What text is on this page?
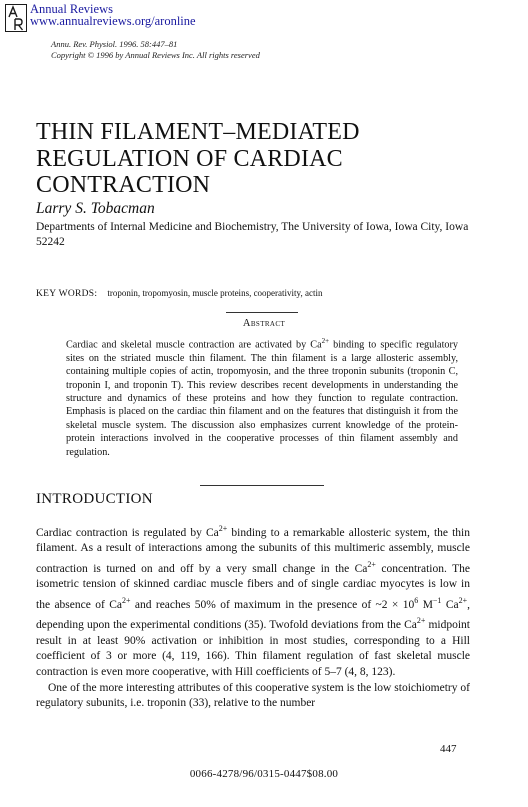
Annual Reviews
www.annualreviews.org/aronline
Annu. Rev. Physiol. 1996. 58:447–81
Copyright © 1996 by Annual Reviews Inc. All rights reserved
THIN FILAMENT–MEDIATED REGULATION OF CARDIAC CONTRACTION
Larry S. Tobacman
Departments of Internal Medicine and Biochemistry, The University of Iowa, Iowa City, Iowa 52242
KEY WORDS: troponin, tropomyosin, muscle proteins, cooperativity, actin
Abstract
Cardiac and skeletal muscle contraction are activated by $Ca^{2+}$ binding to specific regulatory sites on the striated muscle thin filament. The thin filament is a large allosteric assembly, containing multiple copies of actin, tropomyosin, and the three troponin subunits (troponin C, troponin I, and troponin T). This review describes recent developments in understanding the structure and dynamics of these proteins and how they function to regulate contraction. Emphasis is placed on the cardiac thin filament and on the features that distinguish it from the skeletal muscle system. The discussion also emphasizes current knowledge of the protein-protein interactions involved in the cooperative processes of thin filament assembly and regulation.
INTRODUCTION

Cardiac contraction is regulated by $Ca^{2+}$ binding to a remarkable allosteric system, the thin filament. As a result of interactions among the subunits of this multimeric assembly, muscle contraction is turned on and off by a very small change in the $Ca^{2+}$ concentration. The isometric tension of skinned cardiac muscle fibers and of single cardiac myocytes is low in the absence of $Ca^{2+}$ and reaches 50% of maximum in the presence of ~2 × $10^6$ $M^{-1}$ $Ca^{2+}$, depending upon the experimental conditions (35). Twofold deviations from the $Ca^{2+}$ midpoint result in at least 90% activation or inhibition in most studies, corresponding to a Hill coefficient of 3 or more (4, 119, 166). Thin filament regulation of fast skeletal muscle contraction is even more cooperative, with Hill coefficients of 5–7 (4, 8, 123).

One of the more interesting attributes of this cooperative system is the low stoichiometry of regulatory subunits, i.e. troponin (33), relative to the number

447
0066-4278/96/0315-0447$08.00
